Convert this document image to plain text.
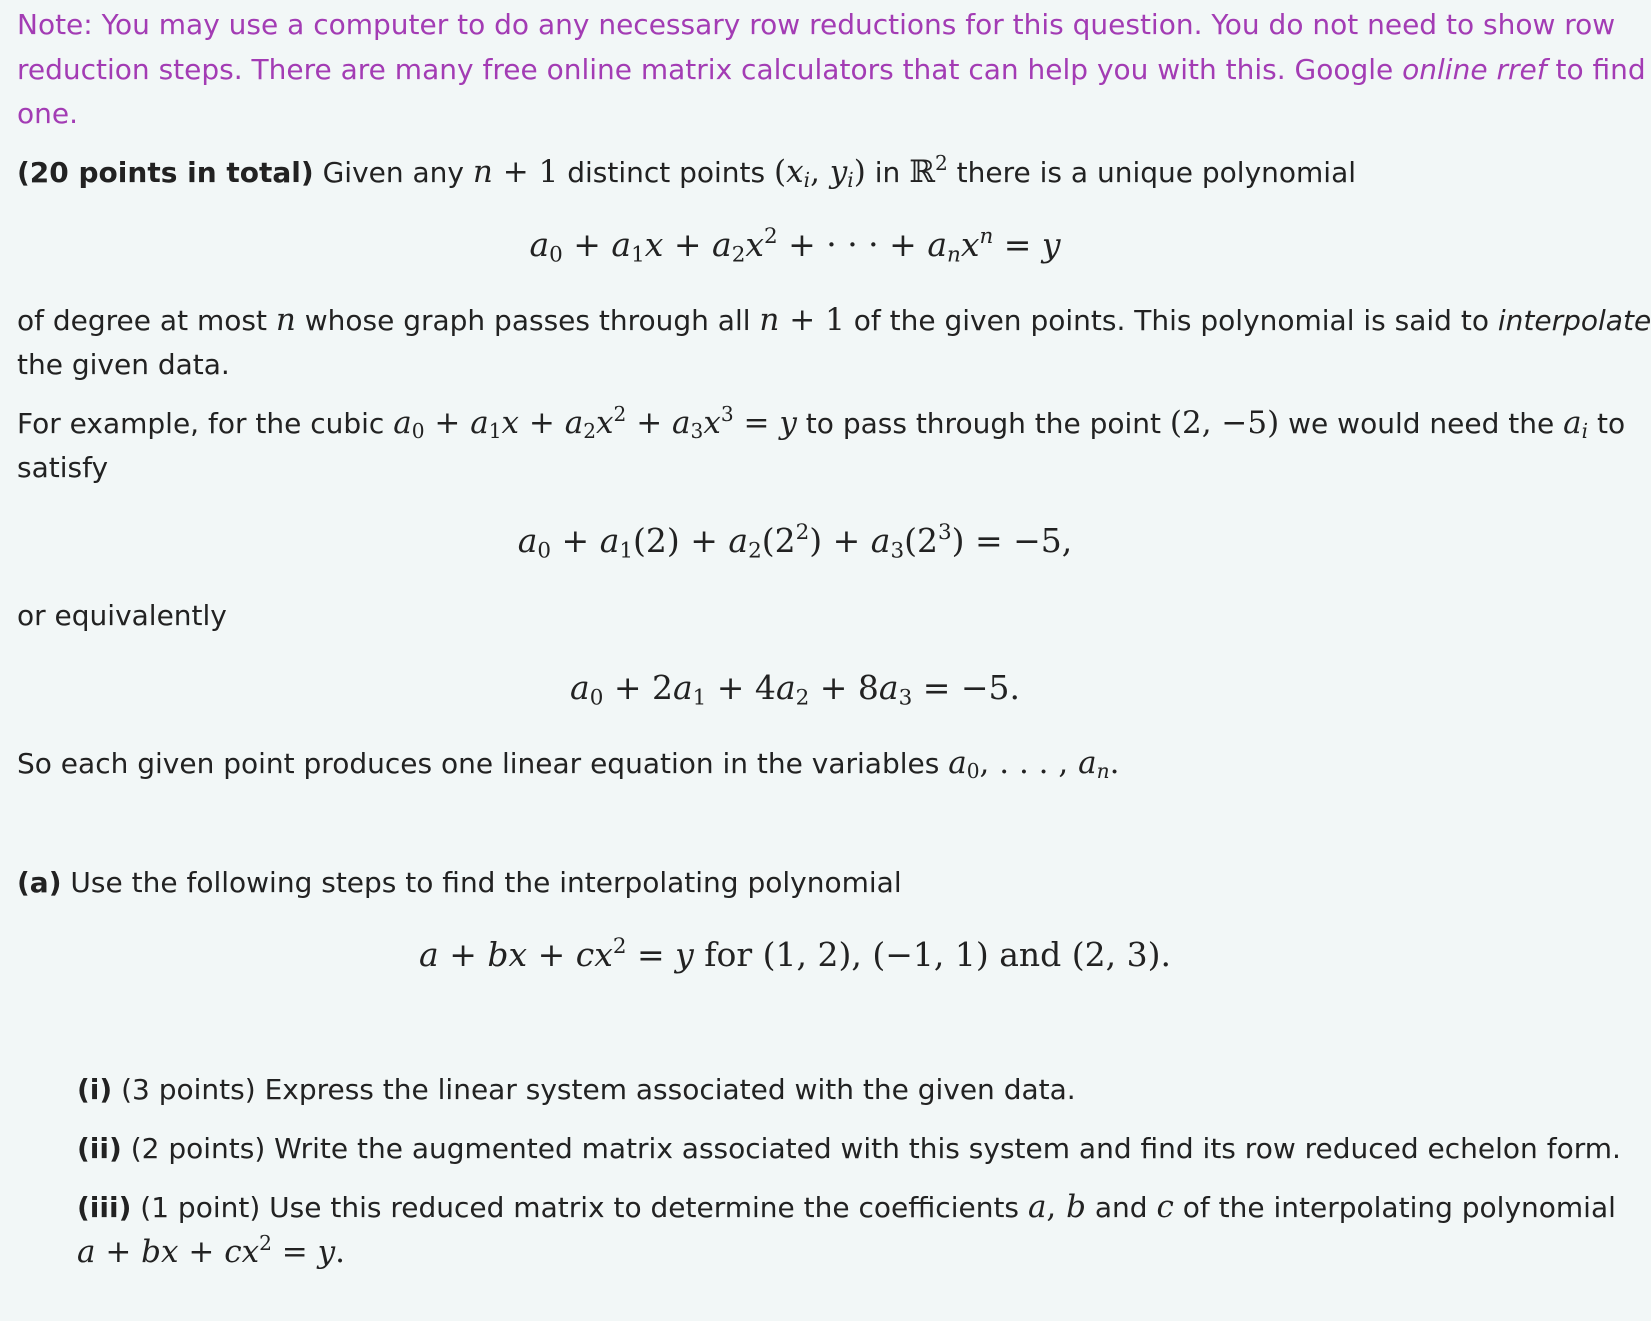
Note: You may use a computer to do any necessary row reductions for this question. You do not need to show row
reduction steps. There are many free online matrix calculators that can help you with this. Google online rref to find
one.
(20 points in total) Given any n + 1 distinct points ($x_i$, $y_i$) in ℝ$^2$ there is a unique polynomial
$a_0 + a_1x + a_2x^2$ + · · · + $a_nx^n = y$
of degree at most n whose graph passes through all n + 1 of the given points. This polynomial is said to interpolate
the given data.
For example, for the cubic $a_0 + a_1x + a_2x^2 + a_3x^3 = y$ to pass through the point (2, −5) we would need the $a_i$ to
satisfy
$a_0 + a_1(2) + a_2(2^2) + a_3(2^3) = -5$,
or equivalently
$a_0 + 2a_1 + 4a_2 + 8a_3 = -5$.
So each given point produces one linear equation in the variables $a_0$, . . . , $a_n$.
(a) Use the following steps to find the interpolating polynomial
a + bx + $cx^2 = y$ for (1, 2), (−1, 1) and (2, 3).
(i) (3 points) Express the linear system associated with the given data.
(ii) (2 points) Write the augmented matrix associated with this system and find its row reduced echelon form.
(iii) (1 point) Use this reduced matrix to determine the coefficients a, b and c of the interpolating polynomial
a + bx + $cx^2 = y$.
